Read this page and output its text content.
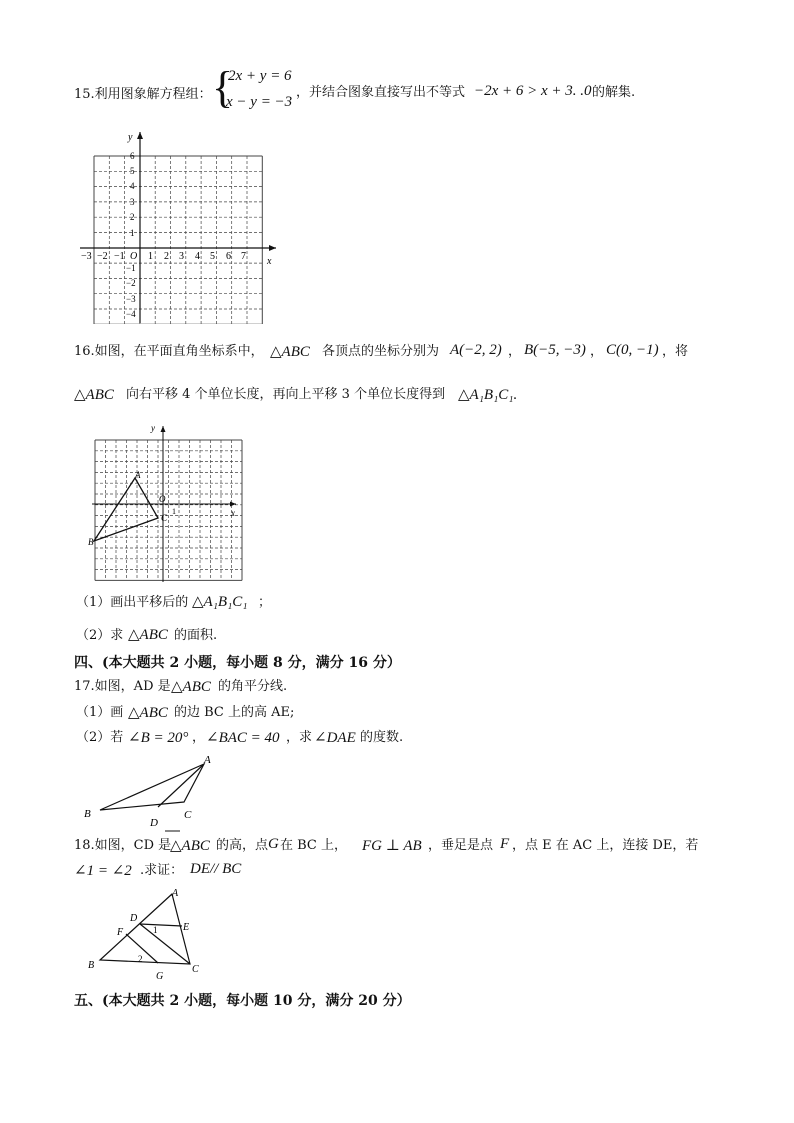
15.利用图象解方程组： {
2x + y = 6
x − y = −3
，并结合图象直接写出不等式 −2x + 6 > x + 3. .0 的解集.
y
x
O
−3 −2 −1 1 2 3 4 5 6 7
6
5
4
3
2
1
−1
−2
−3
−4
16.如图，在平面直角坐标系中， △ABC 各顶点的坐标分别为 A(−2, 2) ， B(−5, −3) ， C(0, −1) ，将
△ABC 向右平移 4 个单位长度，再向上平移 3 个单位长度得到 △A₁B₁C₁.
y
x
O
1
A
B
C
（1）画出平移后的 △A₁B₁C₁ ；
（2）求 △ABC 的面积.
四、(本大题共 2 小题，每小题 8 分，满分 16 分）
17.如图，AD 是 △ABC 的角平分线.
（1）画 △ABC 的边 BC 上的高 AE;
（2）若 ∠B = 20° ， ∠BAC = 40 ，求 ∠DAE 的度数.
A
B	C
D
18.如图，CD 是
△ABC 的高，点 G 在 BC 上， FG ⊥ AB ，垂足是点 F ，点 E 在 AC 上，连接 DE，若
∠1 = ∠2 .求证： DE// BC
A
B	C
D
E
F
G
1
2
五、(本大题共 2 小题，每小题 10 分，满分 20 分）
